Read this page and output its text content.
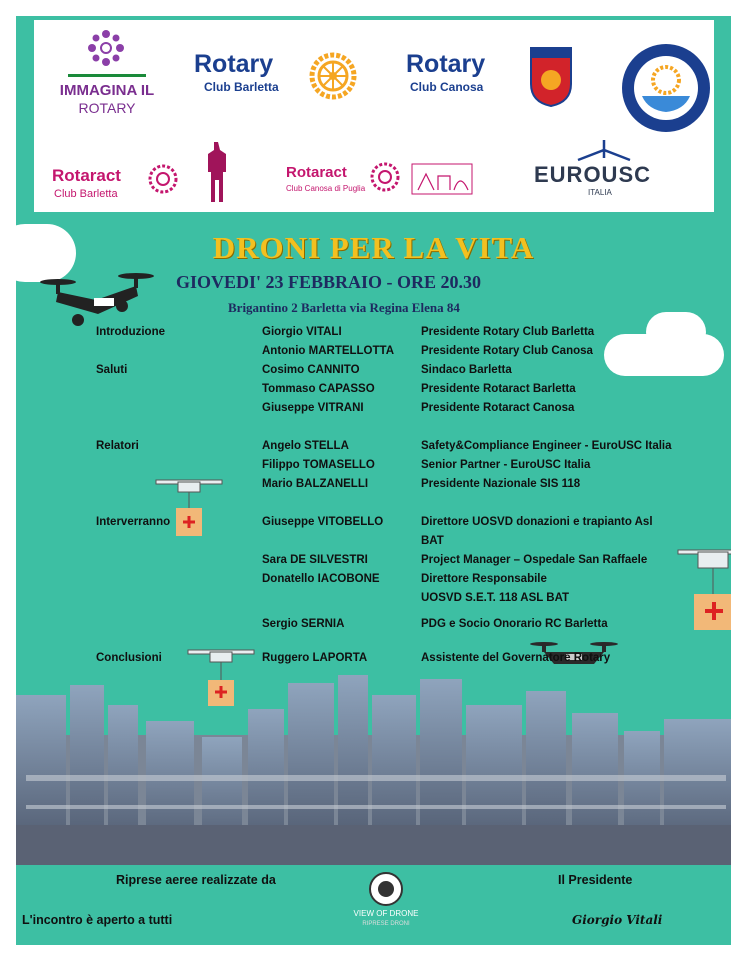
IMMAGINA IL
ROTARY
Rotary
Club Barletta
Rotary
Club Canosa
Rotaract
Club Barletta
Rotaract
Club Canosa di Puglia
EUROUSC
ITALIA
DRONI PER LA VITA
GIOVEDI' 23 FEBBRAIO - ORE 20.30
Brigantino 2 Barletta via Regina Elena 84
Introduzione	Giorgio VITALI	Presidente Rotary Club Barletta
Antonio MARTELLOTTA Presidente Rotary Club Canosa
Saluti	Cosimo CANNITO	Sindaco Barletta
Tommaso CAPASSO	Presidente Rotaract Barletta
Giuseppe VITRANI	Presidente Rotaract Canosa
Relatori	Angelo STELLA	Safety&Compliance Engineer - EuroUSC Italia
Filippo TOMASELLO	Senior Partner - EuroUSC Italia
Mario BALZANELLI	Presidente Nazionale SIS 118
Interverranno	Giuseppe VITOBELLO	Direttore UOSVD donazioni e trapianto Asl
BAT
Sara DE SILVESTRI	Project Manager – Ospedale San Raffaele
Donatello IACOBONE	Direttore Responsabile
UOSVD S.E.T. 118 ASL BAT
Sergio SERNIA	PDG e Socio Onorario RC Barletta
Conclusioni	Ruggero LAPORTA	Assistente del Governatore Rotary
Riprese aeree realizzate da
L'incontro è aperto a tutti	VIEW OF DRONE
RIPRESE DRONI
Il Presidente
Giorgio Vitali
